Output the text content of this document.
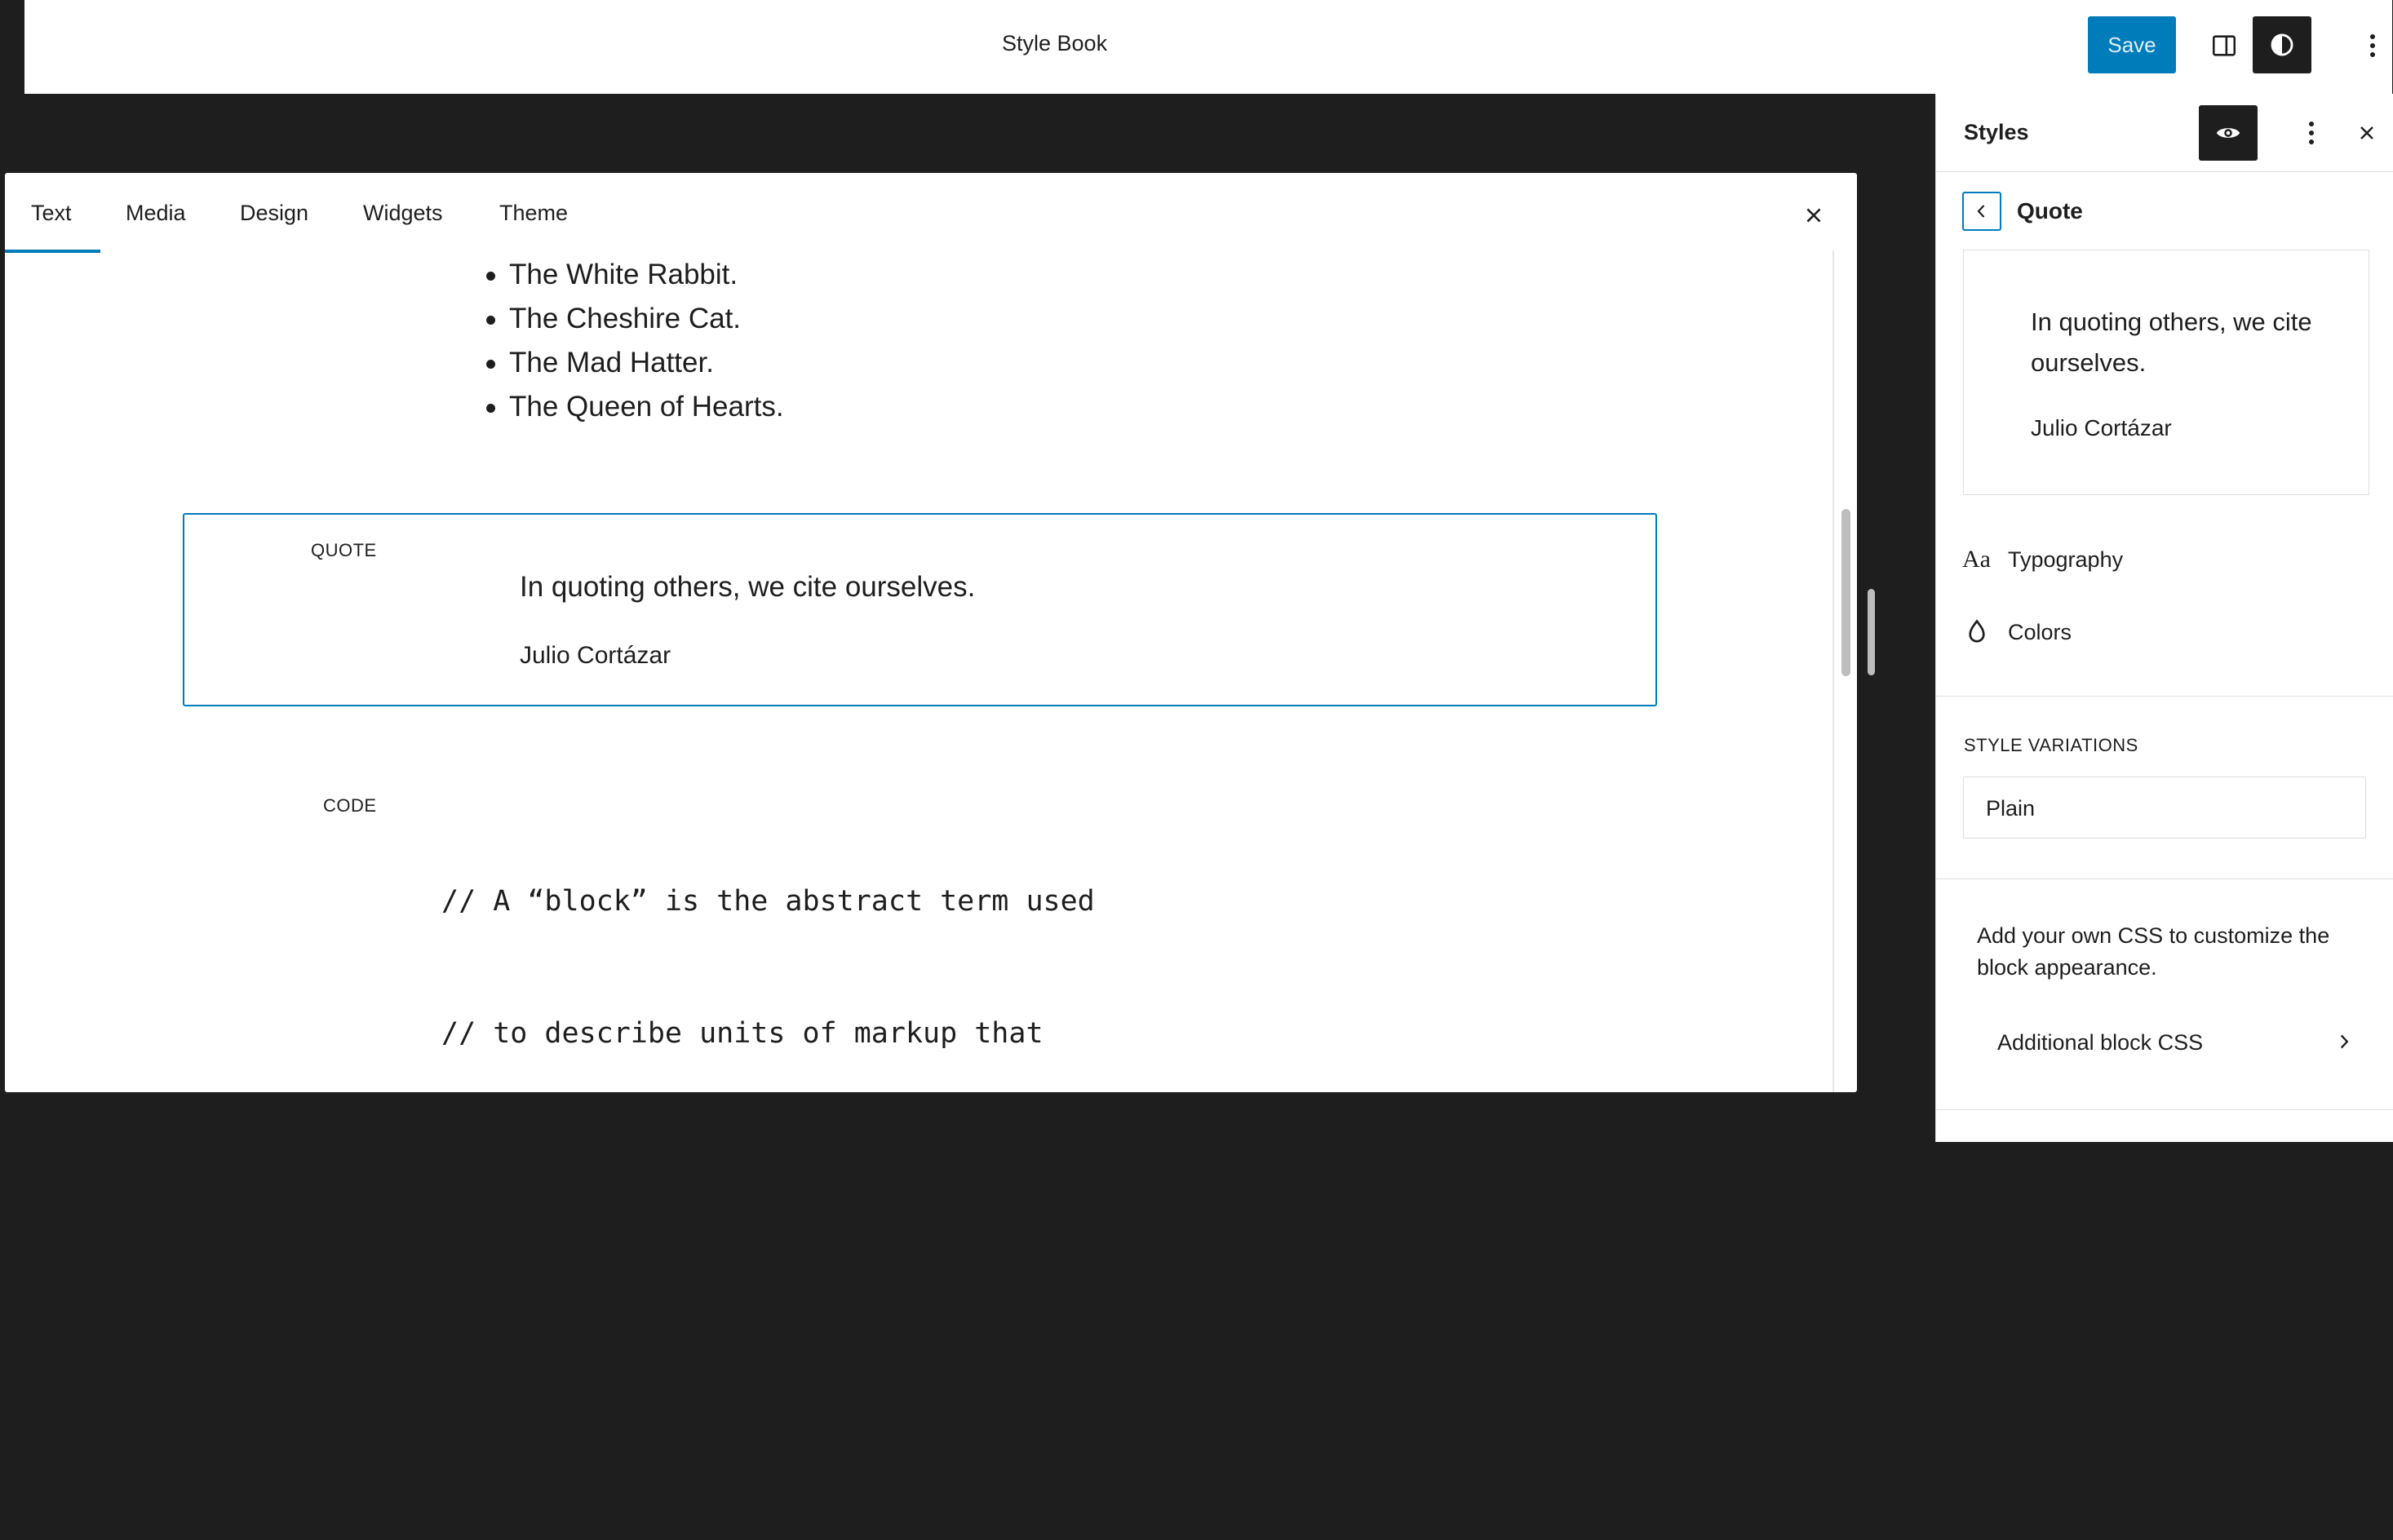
Style Book	Save
Text Media Design Widgets	Theme
The White Rabbit.
The Cheshire Cat.
The Mad Hatter.
The Queen of Hearts.
QUOTE
In quoting others, we cite ourselves.
Julio Cortázar
CODE

// A “block” is the abstract term used

// to describe units of markup that

// when composed together, form the

// content or layout of a page.

registerBlockType( name, settings );

Styles
Quote
In quoting others, we cite ourselves.
Julio Cortázar
Aa Typography
Colors
STYLE VARIATIONS
Plain
Add your own CSS to customize the block appearance.
Additional block CSS
